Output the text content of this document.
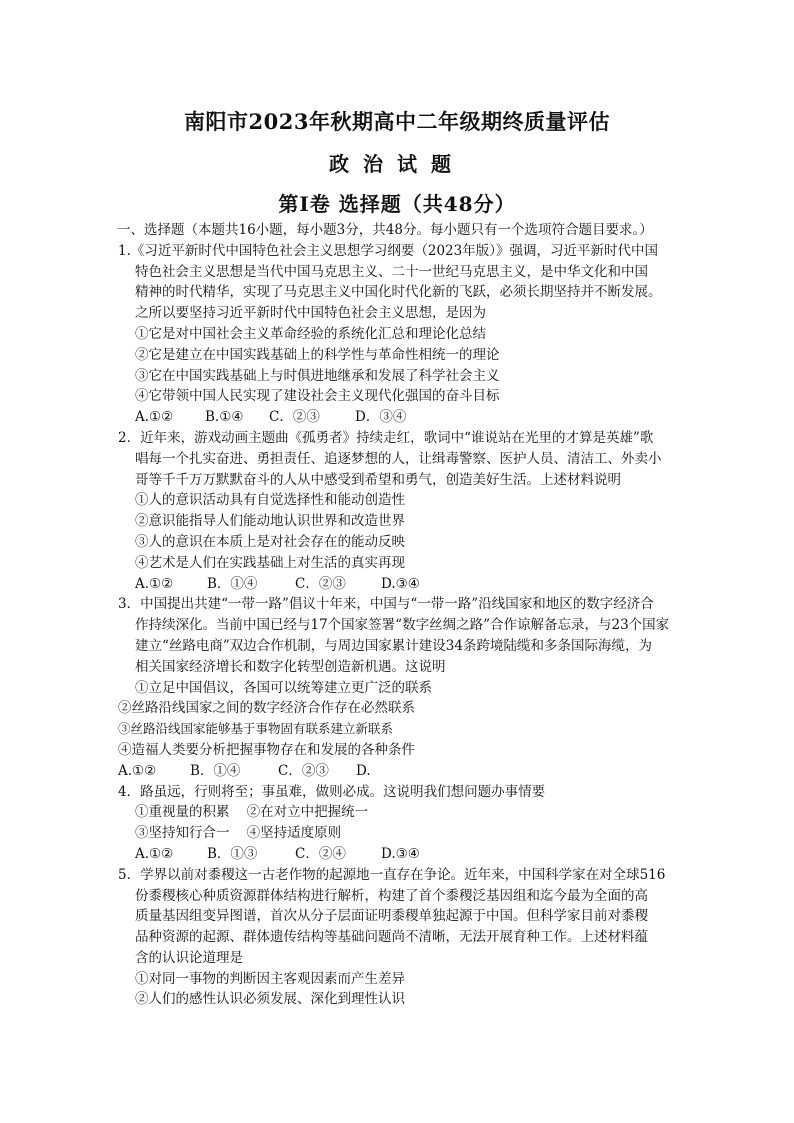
南阳市2023年秋期高中二年级期终质量评估
政治试题
第Ⅰ卷 选择题（共48分）
一、选择题（本题共16小题，每小题3分，共48分。每小题只有一个选项符合题目要求。）
1.《习近平新时代中国特色社会主义思想学习纲要（2023年版）》强调，习近平新时代中国
特色社会主义思想是当代中国马克思主义、二十一世纪马克思主义，是中华文化和中国
精神的时代精华，实现了马克思主义中国化时代化新的飞跃，必须长期坚持并不断发展。
之所以要坚持习近平新时代中国特色社会主义思想，是因为
①它是对中国社会主义革命经验的系统化汇总和理论化总结
②它是建立在中国实践基础上的科学性与革命性相统一的理论
③它在中国实践基础上与时俱进地继承和发展了科学社会主义
④它带领中国人民实现了建设社会主义现代化强国的奋斗目标
A.①② B.①④ C．②③	D．③④
2．近年来，游戏动画主题曲《孤勇者》持续走红，歌词中“谁说站在光里的才算是英雄”歌
唱每一个扎实奋进、勇担责任、追逐梦想的人，让缉毒警察、医护人员、清洁工、外卖小
哥等千千万万默默奋斗的人从中感受到希望和勇气，创造美好生活。上述材料说明
①人的意识活动具有自觉选择性和能动创造性
②意识能指导人们能动地认识世界和改造世界
③人的意识在本质上是对社会存在的能动反映
④艺术是人们在实践基础上对生活的真实再现
A.①②	B．①④	C．②③	D.③④
3．中国提出共建“一带一路”倡议十年来，中国与“一带一路”沿线国家和地区的数字经济合
作持续深化。当前中国已经与17个国家签署“数字丝绸之路”合作谅解备忘录，与23个国家
建立“丝路电商”双边合作机制，与周边国家累计建设34条跨境陆缆和多条国际海缆，为
相关国家经济增长和数字化转型创造新机遇。这说明
①立足中国倡议，各国可以统筹建立更广泛的联系
②丝路沿线国家之间的数字经济合作存在必然联系
③丝路沿线国家能够基于事物固有联系建立新联系
④造福人类要分析把握事物存在和发展的各种条件
A.①②	B．①④	C．②③ D.
4．路虽远，行则将至；事虽难，做则必成。这说明我们想问题办事情要
①重视量的积累    ②在对立中把握统一
③坚持知行合一    ④坚持适度原则
A.①②	B．①③	C．②④	D.③④
5．学界以前对黍稷这一古老作物的起源地一直存在争论。近年来，中国科学家在对全球516
份黍稷核心种质资源群体结构进行解析，构建了首个黍稷泛基因组和迄今最为全面的高
质量基因组变异图谱，首次从分子层面证明黍稷单独起源于中国。但科学家目前对黍稷
品种资源的起源、群体遗传结构等基础问题尚不清晰，无法开展育种工作。上述材料蕴
含的认识论道理是
①对同一事物的判断因主客观因素而产生差异
②人们的感性认识必须发展、深化到理性认识
